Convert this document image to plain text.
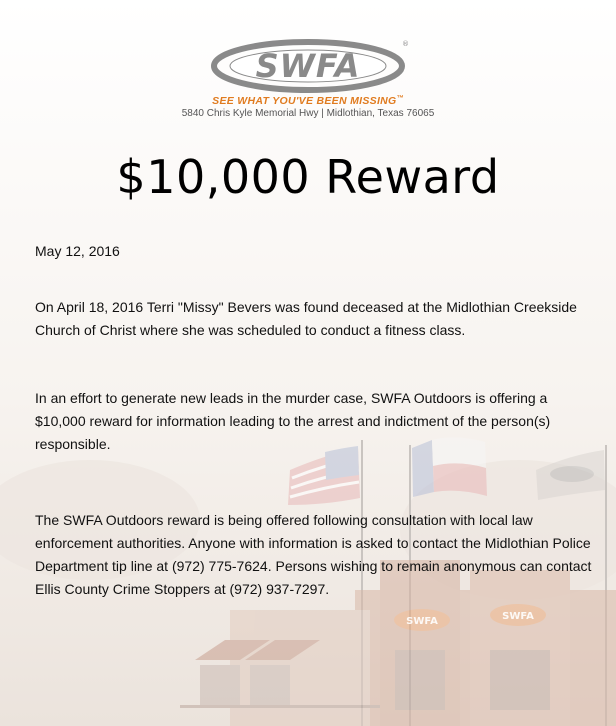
SWFA	SWFA
SWFA
®
SEE WHAT YOU'VE BEEN MISSING™
5840 Chris Kyle Memorial Hwy | Midlothian, Texas 76065
$10,000 Reward
May 12, 2016
On April 18, 2016 Terri "Missy" Bevers was found deceased at the Midlothian Creekside Church of Christ where she was scheduled to conduct a fitness class.
In an effort to generate new leads in the murder case, SWFA Outdoors is offering a $10,000 reward for information leading to the arrest and indictment of the person(s) responsible.
The SWFA Outdoors reward is being offered following consultation with local law enforcement authorities. Anyone with information is asked to contact the Midlothian Police Department tip line at (972) 775-7624. Persons wishing to remain anonymous can contact Ellis County Crime Stoppers at (972) 937-7297.
